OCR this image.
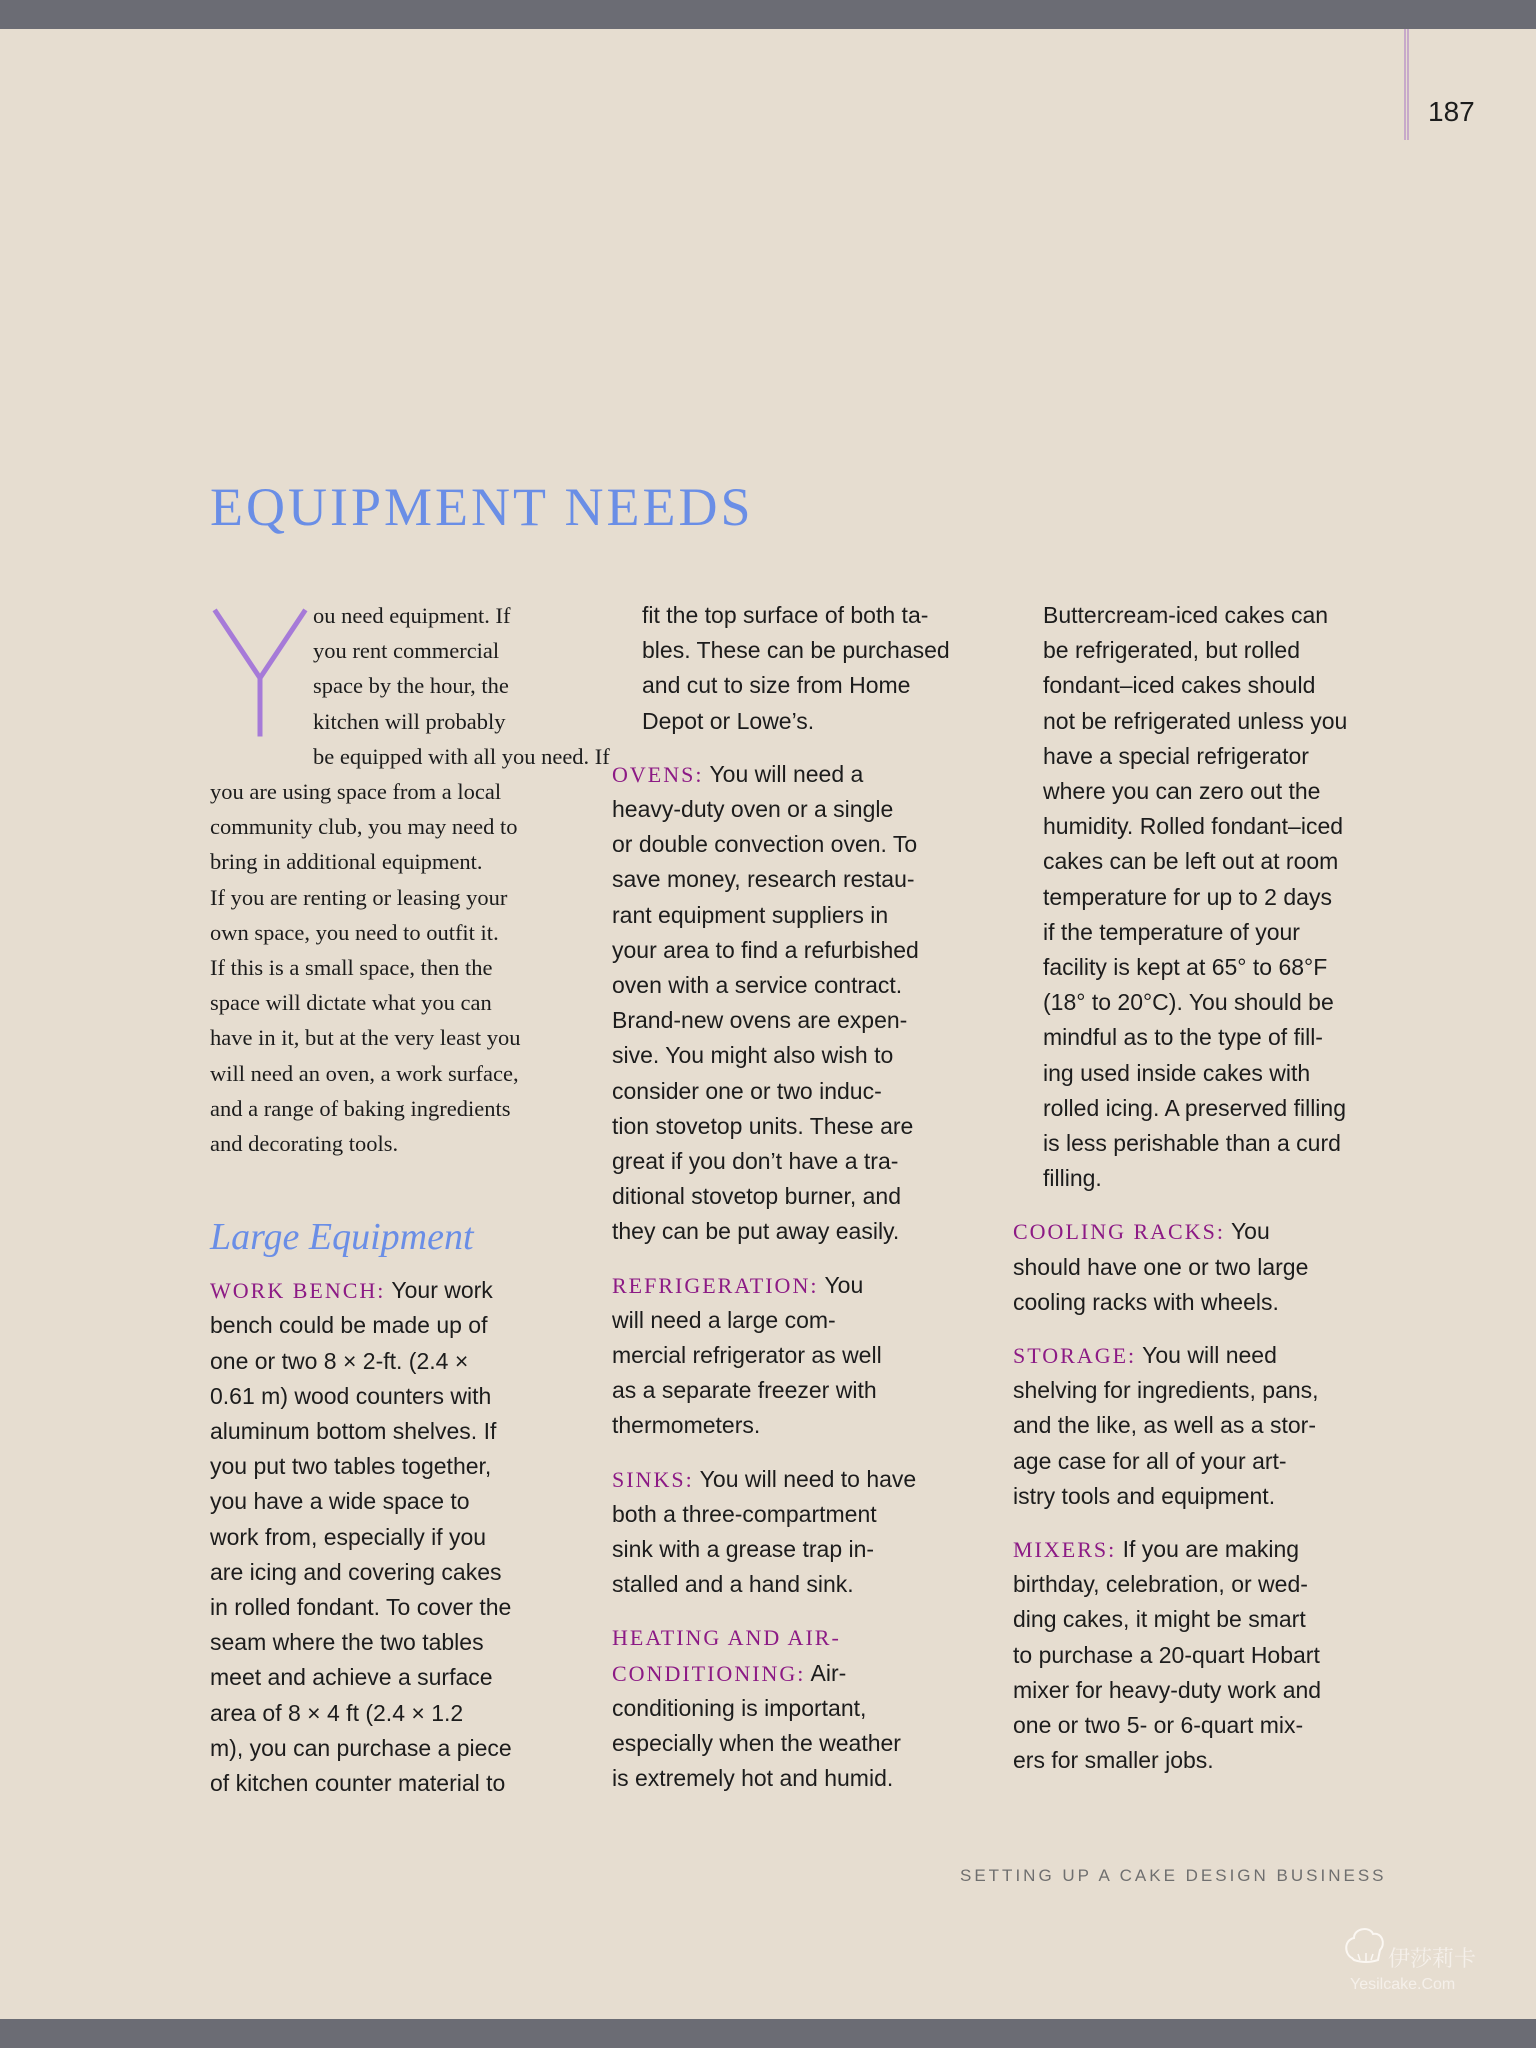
187
EQUIPMENT NEEDS
ou need equipment. If
you rent commercial
space by the hour, the
kitchen will probably
be equipped with all you need. If
you are using space from a local
community club, you may need to
bring in additional equipment.
If you are renting or leasing your
own space, you need to outfit it.
If this is a small space, then the
space will dictate what you can
have in it, but at the very least you
will need an oven, a work surface,
and a range of baking ingredients
and decorating tools.
Large Equipment
WORK BENCH: Your work
bench could be made up of
one or two 8 × 2-ft. (2.4 ×
0.61 m) wood counters with
aluminum bottom shelves. If
you put two tables together,
you have a wide space to
work from, especially if you
are icing and covering cakes
in rolled fondant. To cover the
seam where the two tables
meet and achieve a surface
area of 8 × 4 ft (2.4 × 1.2
m), you can purchase a piece
of kitchen counter material to
fit the top surface of both ta-
bles. These can be purchased
and cut to size from Home
Depot or Lowe’s.
OVENS: You will need a
heavy-duty oven or a single
or double convection oven. To
save money, research restau-
rant equipment suppliers in
your area to find a refurbished
oven with a service contract.
Brand-new ovens are expen-
sive. You might also wish to
consider one or two induc-
tion stovetop units. These are
great if you don’t have a tra-
ditional stovetop burner, and
they can be put away easily.
REFRIGERATION: You
will need a large com-
mercial refrigerator as well
as a separate freezer with
thermometers.
SINKS: You will need to have
both a three-compartment
sink with a grease trap in-
stalled and a hand sink.
HEATING AND AIR-
CONDITIONING: Air-
conditioning is important,
especially when the weather
is extremely hot and humid.
Buttercream-iced cakes can
be refrigerated, but rolled
fondant–iced cakes should
not be refrigerated unless you
have a special refrigerator
where you can zero out the
humidity. Rolled fondant–iced
cakes can be left out at room
temperature for up to 2 days
if the temperature of your
facility is kept at 65° to 68°F
(18° to 20°C). You should be
mindful as to the type of fill-
ing used inside cakes with
rolled icing. A preserved filling
is less perishable than a curd
filling.
COOLING RACKS: You
should have one or two large
cooling racks with wheels.
STORAGE: You will need
shelving for ingredients, pans,
and the like, as well as a stor-
age case for all of your art-
istry tools and equipment.
MIXERS: If you are making
birthday, celebration, or wed-
ding cakes, it might be smart
to purchase a 20-quart Hobart
mixer for heavy-duty work and
one or two 5- or 6-quart mix-
ers for smaller jobs.
SETTING UP A CAKE DESIGN BUSINESS
伊莎莉卡
Yesilcake.Com
